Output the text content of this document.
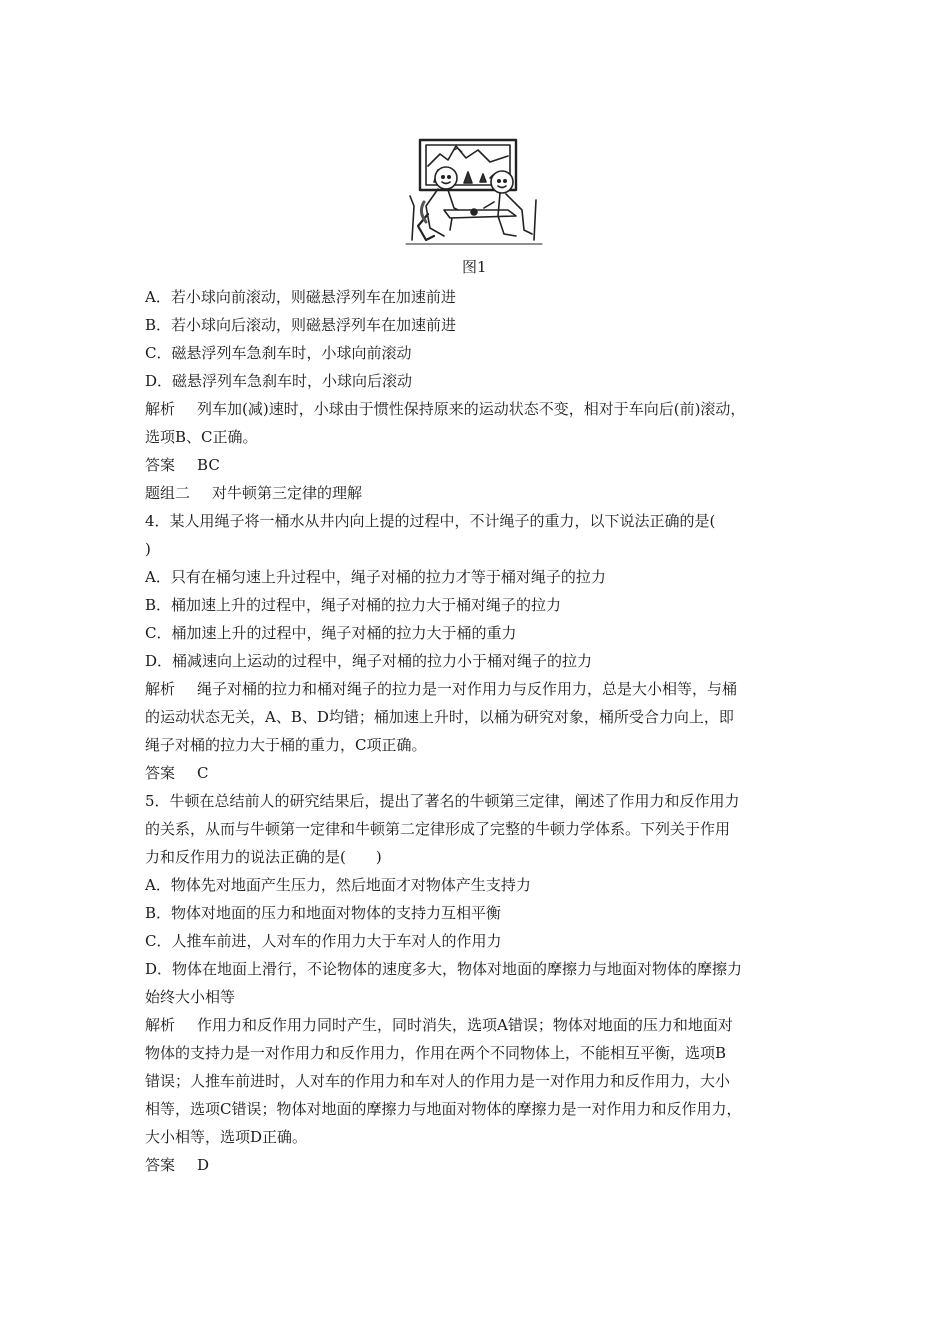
图1
A．若小球向前滚动，则磁悬浮列车在加速前进
B．若小球向后滚动，则磁悬浮列车在加速前进
C．磁悬浮列车急刹车时，小球向前滚动
D．磁悬浮列车急刹车时，小球向后滚动
解析 列车加(减)速时，小球由于惯性保持原来的运动状态不变，相对于车向后(前)滚动，
选项B、C正确。
答案 BC
题组二 对牛顿第三定律的理解
4．某人用绳子将一桶水从井内向上提的过程中，不计绳子的重力，以下说法正确的是(
)
A．只有在桶匀速上升过程中，绳子对桶的拉力才等于桶对绳子的拉力
B．桶加速上升的过程中，绳子对桶的拉力大于桶对绳子的拉力
C．桶加速上升的过程中，绳子对桶的拉力大于桶的重力
D．桶减速向上运动的过程中，绳子对桶的拉力小于桶对绳子的拉力
解析 绳子对桶的拉力和桶对绳子的拉力是一对作用力与反作用力，总是大小相等，与桶
的运动状态无关，A、B、D均错；桶加速上升时，以桶为研究对象，桶所受合力向上，即
绳子对桶的拉力大于桶的重力，C项正确。
答案 C
5．牛顿在总结前人的研究结果后，提出了著名的牛顿第三定律，阐述了作用力和反作用力
的关系，从而与牛顿第一定律和牛顿第二定律形成了完整的牛顿力学体系。下列关于作用
力和反作用力的说法正确的是(　　)
A．物体先对地面产生压力，然后地面才对物体产生支持力
B．物体对地面的压力和地面对物体的支持力互相平衡
C．人推车前进，人对车的作用力大于车对人的作用力
D．物体在地面上滑行，不论物体的速度多大，物体对地面的摩擦力与地面对物体的摩擦力
始终大小相等
解析 作用力和反作用力同时产生，同时消失，选项A错误；物体对地面的压力和地面对
物体的支持力是一对作用力和反作用力，作用在两个不同物体上，不能相互平衡，选项B
错误；人推车前进时，人对车的作用力和车对人的作用力是一对作用力和反作用力，大小
相等，选项C错误；物体对地面的摩擦力与地面对物体的摩擦力是一对作用力和反作用力，
大小相等，选项D正确。
答案 D
